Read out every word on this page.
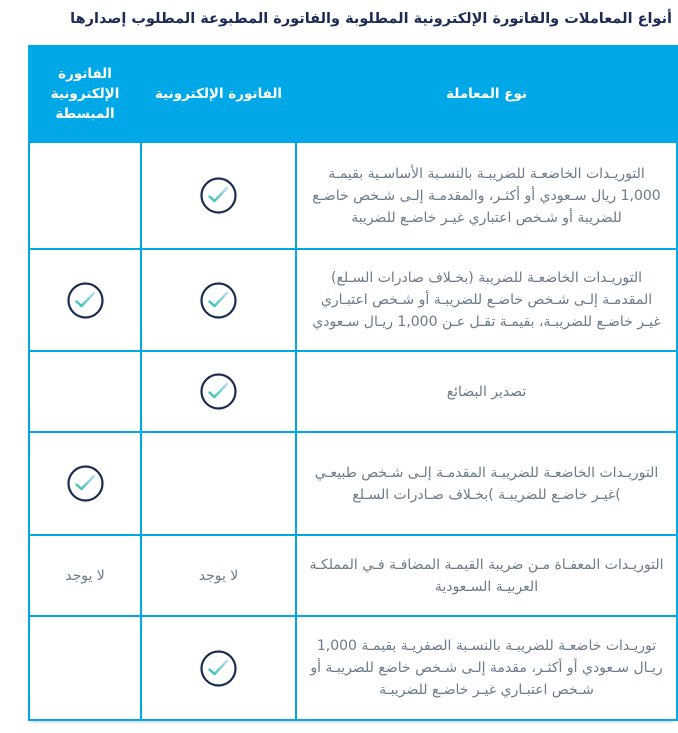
أنواع المعاملات والفاتورة الإلكترونية المطلوبة والفاتورة المطبوعة المطلوب إصدارها
نوع المعاملة
الفاتورة الإلكترونية
الفاتورة الإلكترونية المبسطة
التوريـدات الخاضعـة للضريبـة بالنسـبة الأساسـية بقيمـة 1,000 ريال سـعودي أو أكثـر، والمقدمـة إلـى شـخص خاضـع للضريبة أو شـخص اعتباري غيـر خاضـع للضريبة
التوريـدات الخاضعـة للضريبة (بخـلاف صادرات السـلع) المقدمـة إلـى شـخص خاضـع للضريبـة أو شـخص اعتبـاري غيـر خاضـع للضريبـة، بقيمـة تقـل عـن 1,000 ريـال سـعودي
تصدير البضائع
التوريـدات الخاضعـة للضريبـة المقدمـة إلـى شـخص طبيعـي )غيـر خاضـع للضريبـة )بخـلاف صـادرات السـلع
التوريـدات المعفـاة مـن ضريبة القيمـة المضافـة فـي المملكـة العربيـة السـعودية
لا يوجد
لا يوجد
توريـدات خاضعـة للضريبـة بالنسـبة الصفريـة بقيمـة 1,000 ريـال سـعودي أو أكثـر، مقدمة إلـى شـخص خاضع للضريبـة أو شـخص اعتبـاري غيـر خاضـع للضريبـة
